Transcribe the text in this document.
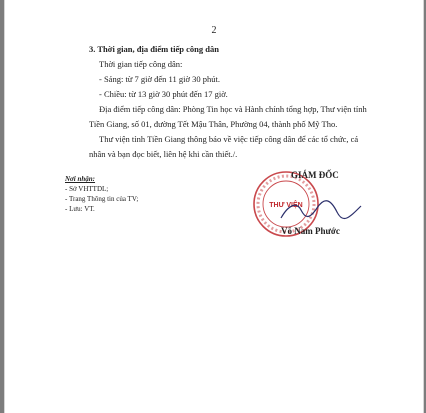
2

3. Thời gian, địa điểm tiếp công dân

Thời gian tiếp công dân:

- Sáng: từ 7 giờ đến 11 giờ 30 phút.

- Chiều: từ 13 giờ 30 phút đến 17 giờ.

Địa điểm tiếp công dân: Phòng Tin học và Hành chính tổng hợp, Thư viện tỉnh Tiền Giang, số 01, đường Tết Mậu Thân, Phường 04, thành phố Mỹ Tho.

Thư viện tỉnh Tiền Giang thông báo về việc tiếp công dân để các tổ chức, cá nhân và bạn đọc biết, liên hệ khi cần thiết./.

Nơi nhận:
- Sở VHTTDL;
- Trang Thông tin của TV;
- Lưu: VT.	THƯ VIỆN
GIÁM ĐỐC
Võ Nam Phước
